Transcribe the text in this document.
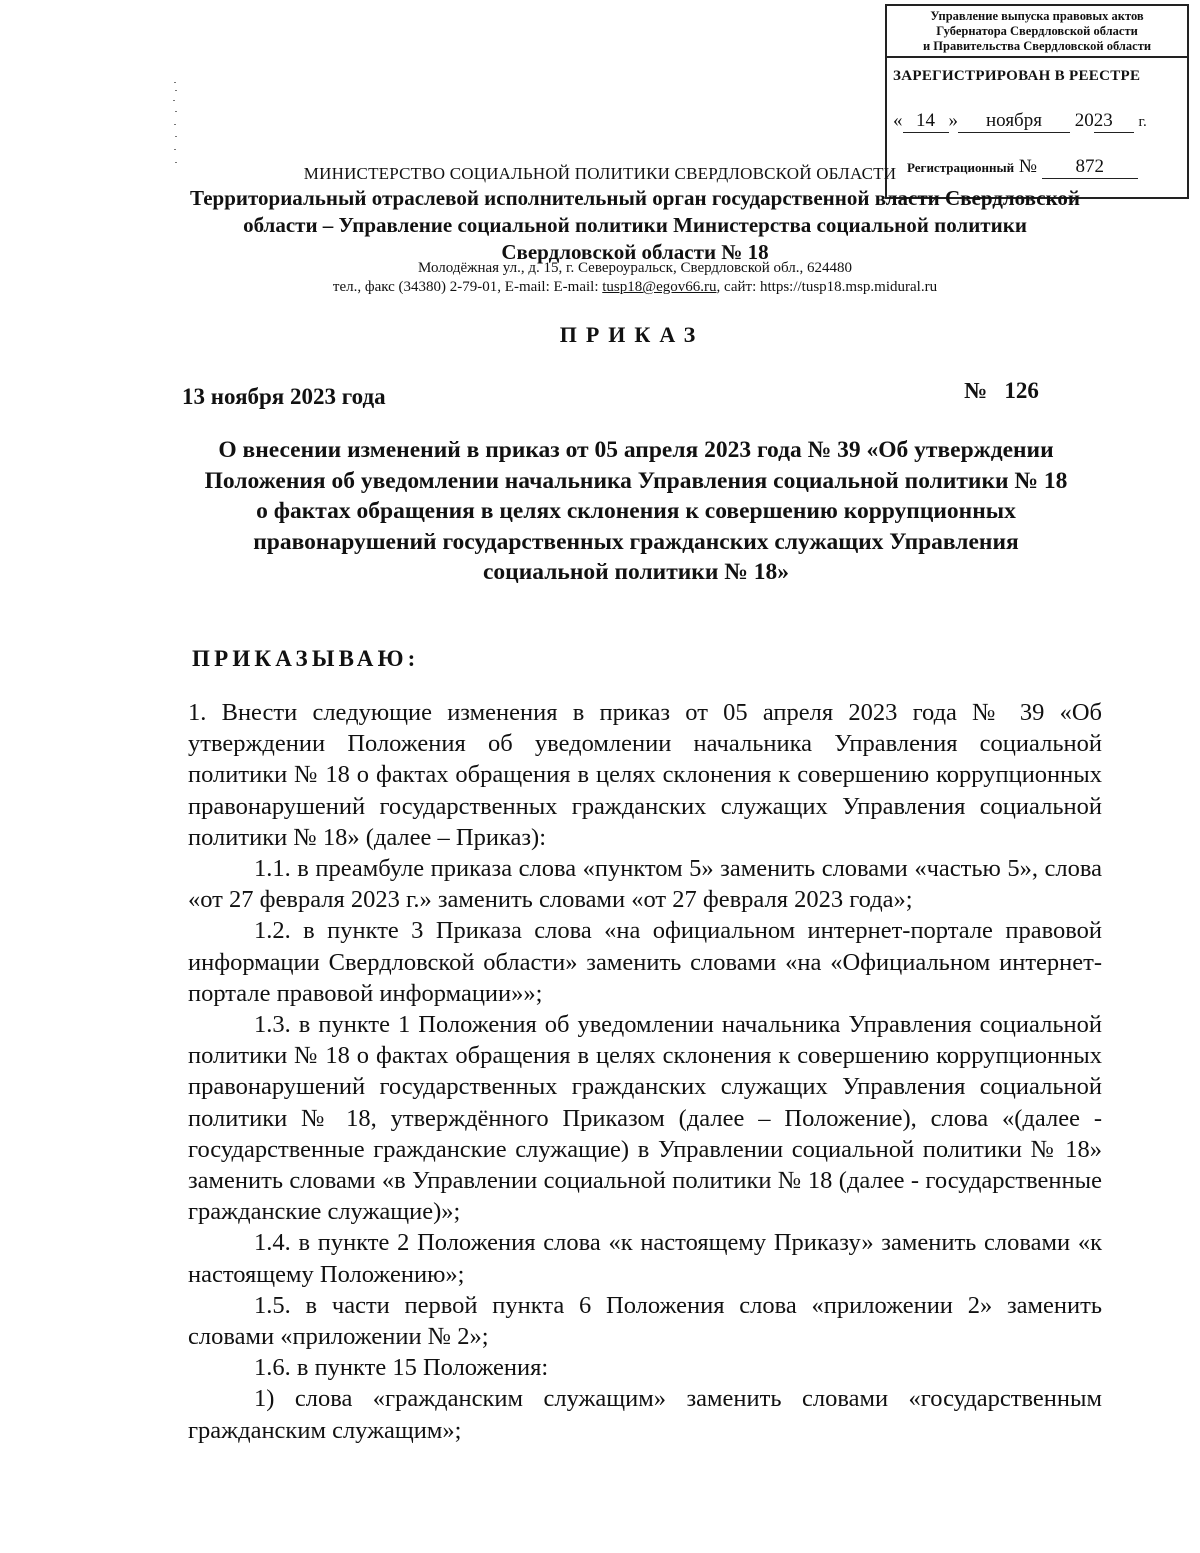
Управление выпуска правовых актов
Губернатора Свердловской области
и Правительства Свердловской области
ЗАРЕГИСТРИРОВАН В РЕЕСТРЕ
« 14 » ноября 2023 г.
Регистрационный № 872
МИНИСТЕРСТВО СОЦИАЛЬНОЙ ПОЛИТИКИ СВЕРДЛОВСКОЙ ОБЛАСТИ
Территориальный отраслевой исполнительный орган государственной власти Свердловской области – Управление социальной политики Министерства социальной политики Свердловской области № 18
Молодёжная ул., д. 15, г. Североуральск, Свердловской обл., 624480
тел., факс (34380) 2-79-01, E-mail: E-mail: tusp18@egov66.ru, сайт: https://tusp18.msp.midural.ru
ПРИКАЗ
13 ноября 2023 года	№   126
О внесении изменений в приказ от 05 апреля 2023 года № 39 «Об утверждении Положения об уведомлении начальника Управления социальной политики № 18 о фактах обращения в целях склонения к совершению коррупционных правонарушений государственных гражданских служащих Управления социальной политики № 18»
ПРИКАЗЫВАЮ:

1. Внести следующие изменения в приказ от 05 апреля 2023 года № 39 «Об утверждении Положения об уведомлении начальника Управления социальной политики № 18 о фактах обращения в целях склонения к совершению коррупционных правонарушений государственных гражданских служащих Управления социальной политики № 18» (далее – Приказ):

1.1. в преамбуле приказа слова «пунктом 5» заменить словами «частью 5», слова «от 27 февраля 2023 г.» заменить словами «от 27 февраля 2023 года»;

1.2. в пункте 3 Приказа слова «на официальном интернет-портале правовой информации Свердловской области» заменить словами «на «Официальном интернет-портале правовой информации»»;

1.3. в пункте 1 Положения об уведомлении начальника Управления социальной политики № 18 о фактах обращения в целях склонения к совершению коррупционных правонарушений государственных гражданских служащих Управления социальной политики № 18, утверждённого Приказом (далее – Положение), слова «(далее - государственные гражданские служащие) в Управлении социальной политики № 18» заменить словами «в Управлении социальной политики № 18 (далее - государственные гражданские служащие)»;

1.4. в пункте 2 Положения слова «к настоящему Приказу» заменить словами «к настоящему Положению»;

1.5. в части первой пункта 6 Положения слова «приложении 2» заменить словами «приложении № 2»;

1.6. в пункте 15 Положения:

1) слова «гражданским служащим» заменить словами «государственным гражданским служащим»;
